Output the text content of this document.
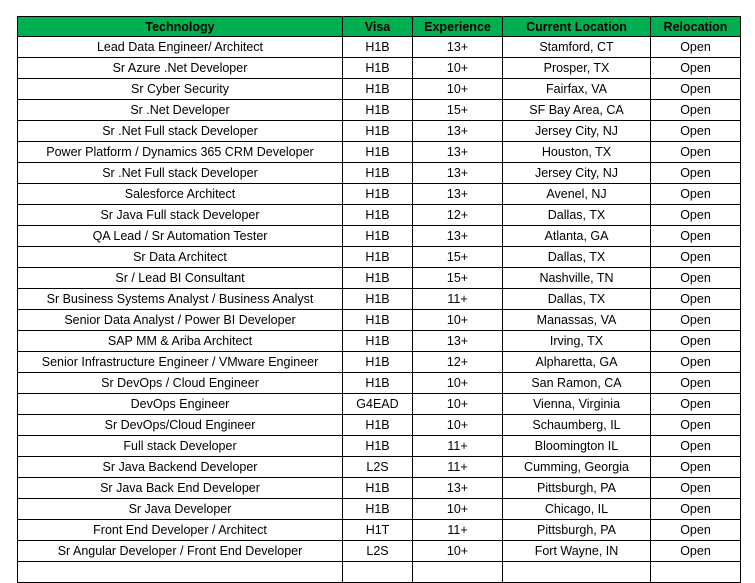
Technology	Visa	Experience	Current Location	Relocation
Lead Data Engineer/ Architect	H1B	13+	Stamford, CT	Open
Sr Azure .Net Developer	H1B	10+	Prosper, TX	Open
Sr Cyber Security	H1B	10+	Fairfax, VA	Open
Sr .Net Developer	H1B	15+	SF Bay Area, CA	Open
Sr .Net Full stack Developer	H1B	13+	Jersey City, NJ	Open
Power Platform / Dynamics 365 CRM Developer	H1B	13+	Houston, TX	Open
Sr .Net Full stack Developer	H1B	13+	Jersey City, NJ	Open
Salesforce Architect	H1B	13+	Avenel, NJ	Open
Sr Java Full stack Developer	H1B	12+	Dallas, TX	Open
QA Lead / Sr Automation Tester	H1B	13+	Atlanta, GA	Open
Sr Data Architect	H1B	15+	Dallas, TX	Open
Sr / Lead BI Consultant	H1B	15+	Nashville, TN	Open
Sr Business Systems Analyst / Business Analyst	H1B	11+	Dallas, TX	Open
Senior Data Analyst / Power BI Developer	H1B	10+	Manassas, VA	Open
SAP MM & Ariba Architect	H1B	13+	Irving, TX	Open
Senior Infrastructure Engineer / VMware Engineer	H1B	12+	Alpharetta, GA	Open
Sr DevOps / Cloud Engineer	H1B	10+	San Ramon, CA	Open
DevOps Engineer	G4EAD	10+	Vienna, Virginia	Open
Sr DevOps/Cloud Engineer	H1B	10+	Schaumberg, IL	Open
Full stack Developer	H1B	11+	Bloomington IL	Open
Sr Java Backend Developer	L2S	11+	Cumming, Georgia	Open
Sr Java Back End Developer	H1B	13+	Pittsburgh, PA	Open
Sr Java Developer	H1B	10+	Chicago, IL	Open
Front End Developer / Architect	H1T	11+	Pittsburgh, PA	Open
Sr Angular Developer / Front End Developer	L2S	10+	Fort Wayne, IN	Open
